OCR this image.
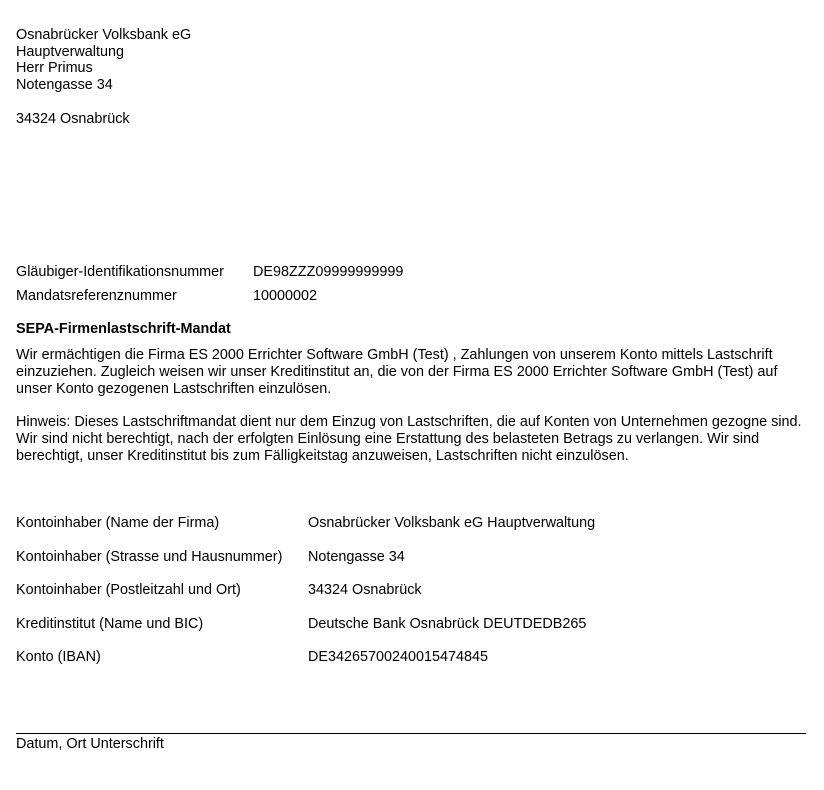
Osnabrücker Volksbank eG
Hauptverwaltung
Herr Primus
Notengasse 34
34324 Osnabrück
Gläubiger-Identifikationsnummer DE98ZZZ09999999999
Mandatsreferenznummer	10000002
SEPA-Firmenlastschrift-Mandat
Wir ermächtigen die Firma ES 2000 Errichter Software GmbH (Test) , Zahlungen von unserem Konto mittels Lastschrift einzuziehen. Zugleich weisen wir unser Kreditinstitut an, die von der Firma ES 2000 Errichter Software GmbH (Test) auf unser Konto gezogenen Lastschriften einzulösen.
Hinweis: Dieses Lastschriftmandat dient nur dem Einzug von Lastschriften, die auf Konten von Unternehmen gezogne sind. Wir sind nicht berechtigt, nach der erfolgten Einlösung eine Erstattung des belasteten Betrags zu verlangen. Wir sind berechtigt, unser Kreditinstitut bis zum Fälligkeitstag anzuweisen, Lastschriften nicht einzulösen.
Kontoinhaber (Name der Firma)	Osnabrücker Volksbank eG Hauptverwaltung
Kontoinhaber (Strasse und Hausnummer) Notengasse 34
Kontoinhaber (Postleitzahl und Ort)	34324 Osnabrück
Kreditinstitut (Name und BIC)	Deutsche Bank Osnabrück DEUTDEDB265
Konto (IBAN)	DE34265700240015474845
Datum, Ort Unterschrift
